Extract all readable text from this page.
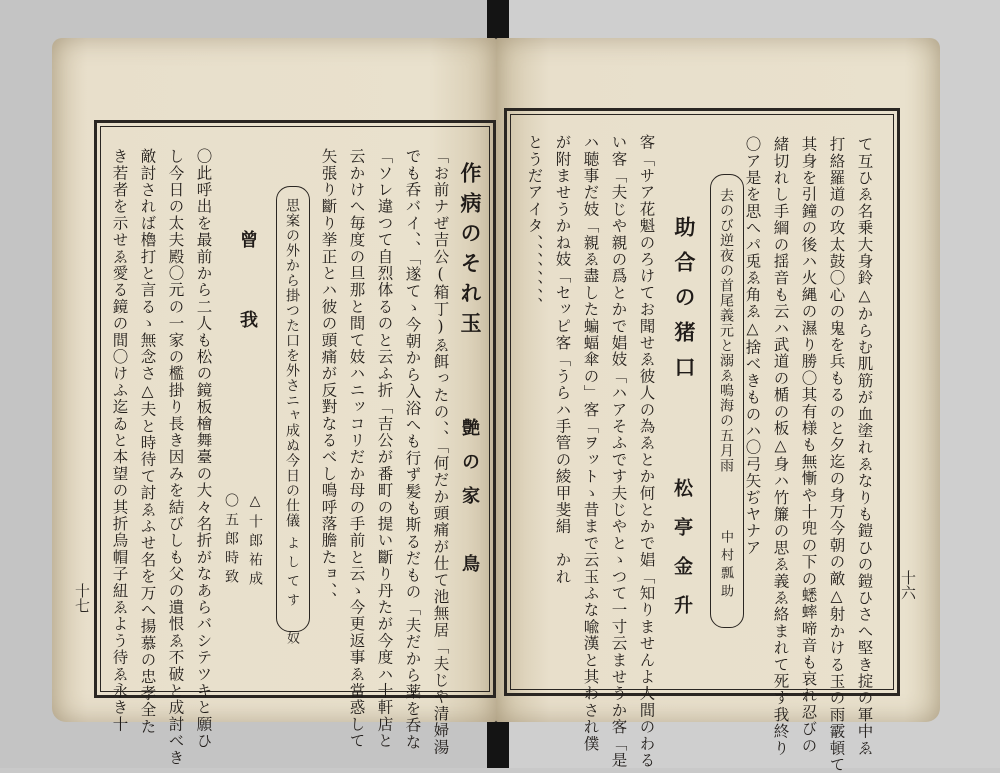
作病のそれ玉
艶の家　鳥
「お前ナぜ吉公(箱丁)ゑ餌ったの、、「何だか頭痛が仕て池無居「夫じや清婦湯
でも呑バイ、、「遂てゝ今朝から入浴へも行ず髪も斯るだもの「夫だから薬を呑な
「ソレ違つて自烈体るのと云ふ折「吉公が番町の提い斷り丹たが今度ハ十軒店と
云かけへ毎度の旦那と間て妓ハニッコリだか母の手前と云ゝ今更返事ゑ當惑して
矢張り斷り挙正とハ彼の頭痛が反對なるべし鳴呼落膽たョ、、
思案の外から掛つた口を外さニャ成ぬ今日の仕儀
よしてす　奴
曾　我
△十郎祐成
〇五郎時致
〇此呼出を最前から二人も松の鏡板檜舞臺の大々名折がなあらバシテツキと願ひ
し今日の太夫殿〇元の一家の檻掛り長き因みを結びしも父の遺恨ゑ不破と成討べき
敵討されば櫓打と言るゝ無念さ△夫と時待て討ゑふせ名を万へ揚慕の忠孝全た
き若者を示せゑ愛る鏡の間〇けふ迄ゐと本望の其折烏帽子紐ゑよう待ゑ永き十
十七	て互ひゑ名乗大身鈴△からむ肌筋が血塗れゑなりも鎧ひの鎧ひさへ堅き掟の軍中ゑ
打絡羅道の攻太鼓〇心の鬼を兵もるのと夕迄の身万今朝の敵△射かける玉の雨霰頓て
其身を引鐘の後ハ火縄の濕り勝〇其有様も無慚や十兜の下の蟋蟀啼音も哀れ忍びの
緒切れし手綱の揺音も云ハ武道の楯の板△身ハ竹簾の思ゑ義ゑ絡まれて死す我終り
〇ア是を思へパ兎ゑ角ゑ△捨べきものハ〇弓矢ぢヤナア
去のび逆夜の首尾義元と溺ゑ鳴海の五月雨
中村瓢助
助合の猪口
松亭金升
客「サア花魁のろけてお聞せゑ彼人の為ゑとか何とかで娼「知りませんよ人間のわる
い客「夫じや親の爲とかで娼妓「ハアそふです夫じやとゝつて一寸云ませうか客「是
ハ聴事だ妓「親ゑ盡した蝙蝠傘の」客「ヲットゝ昔まで云玉ふな喩漢と其わされ僕
が附ませうかね妓「セッピ客「うらハ手管の綾甲斐絹　かれ
とうだアイタ、、、、、、、、
十六
